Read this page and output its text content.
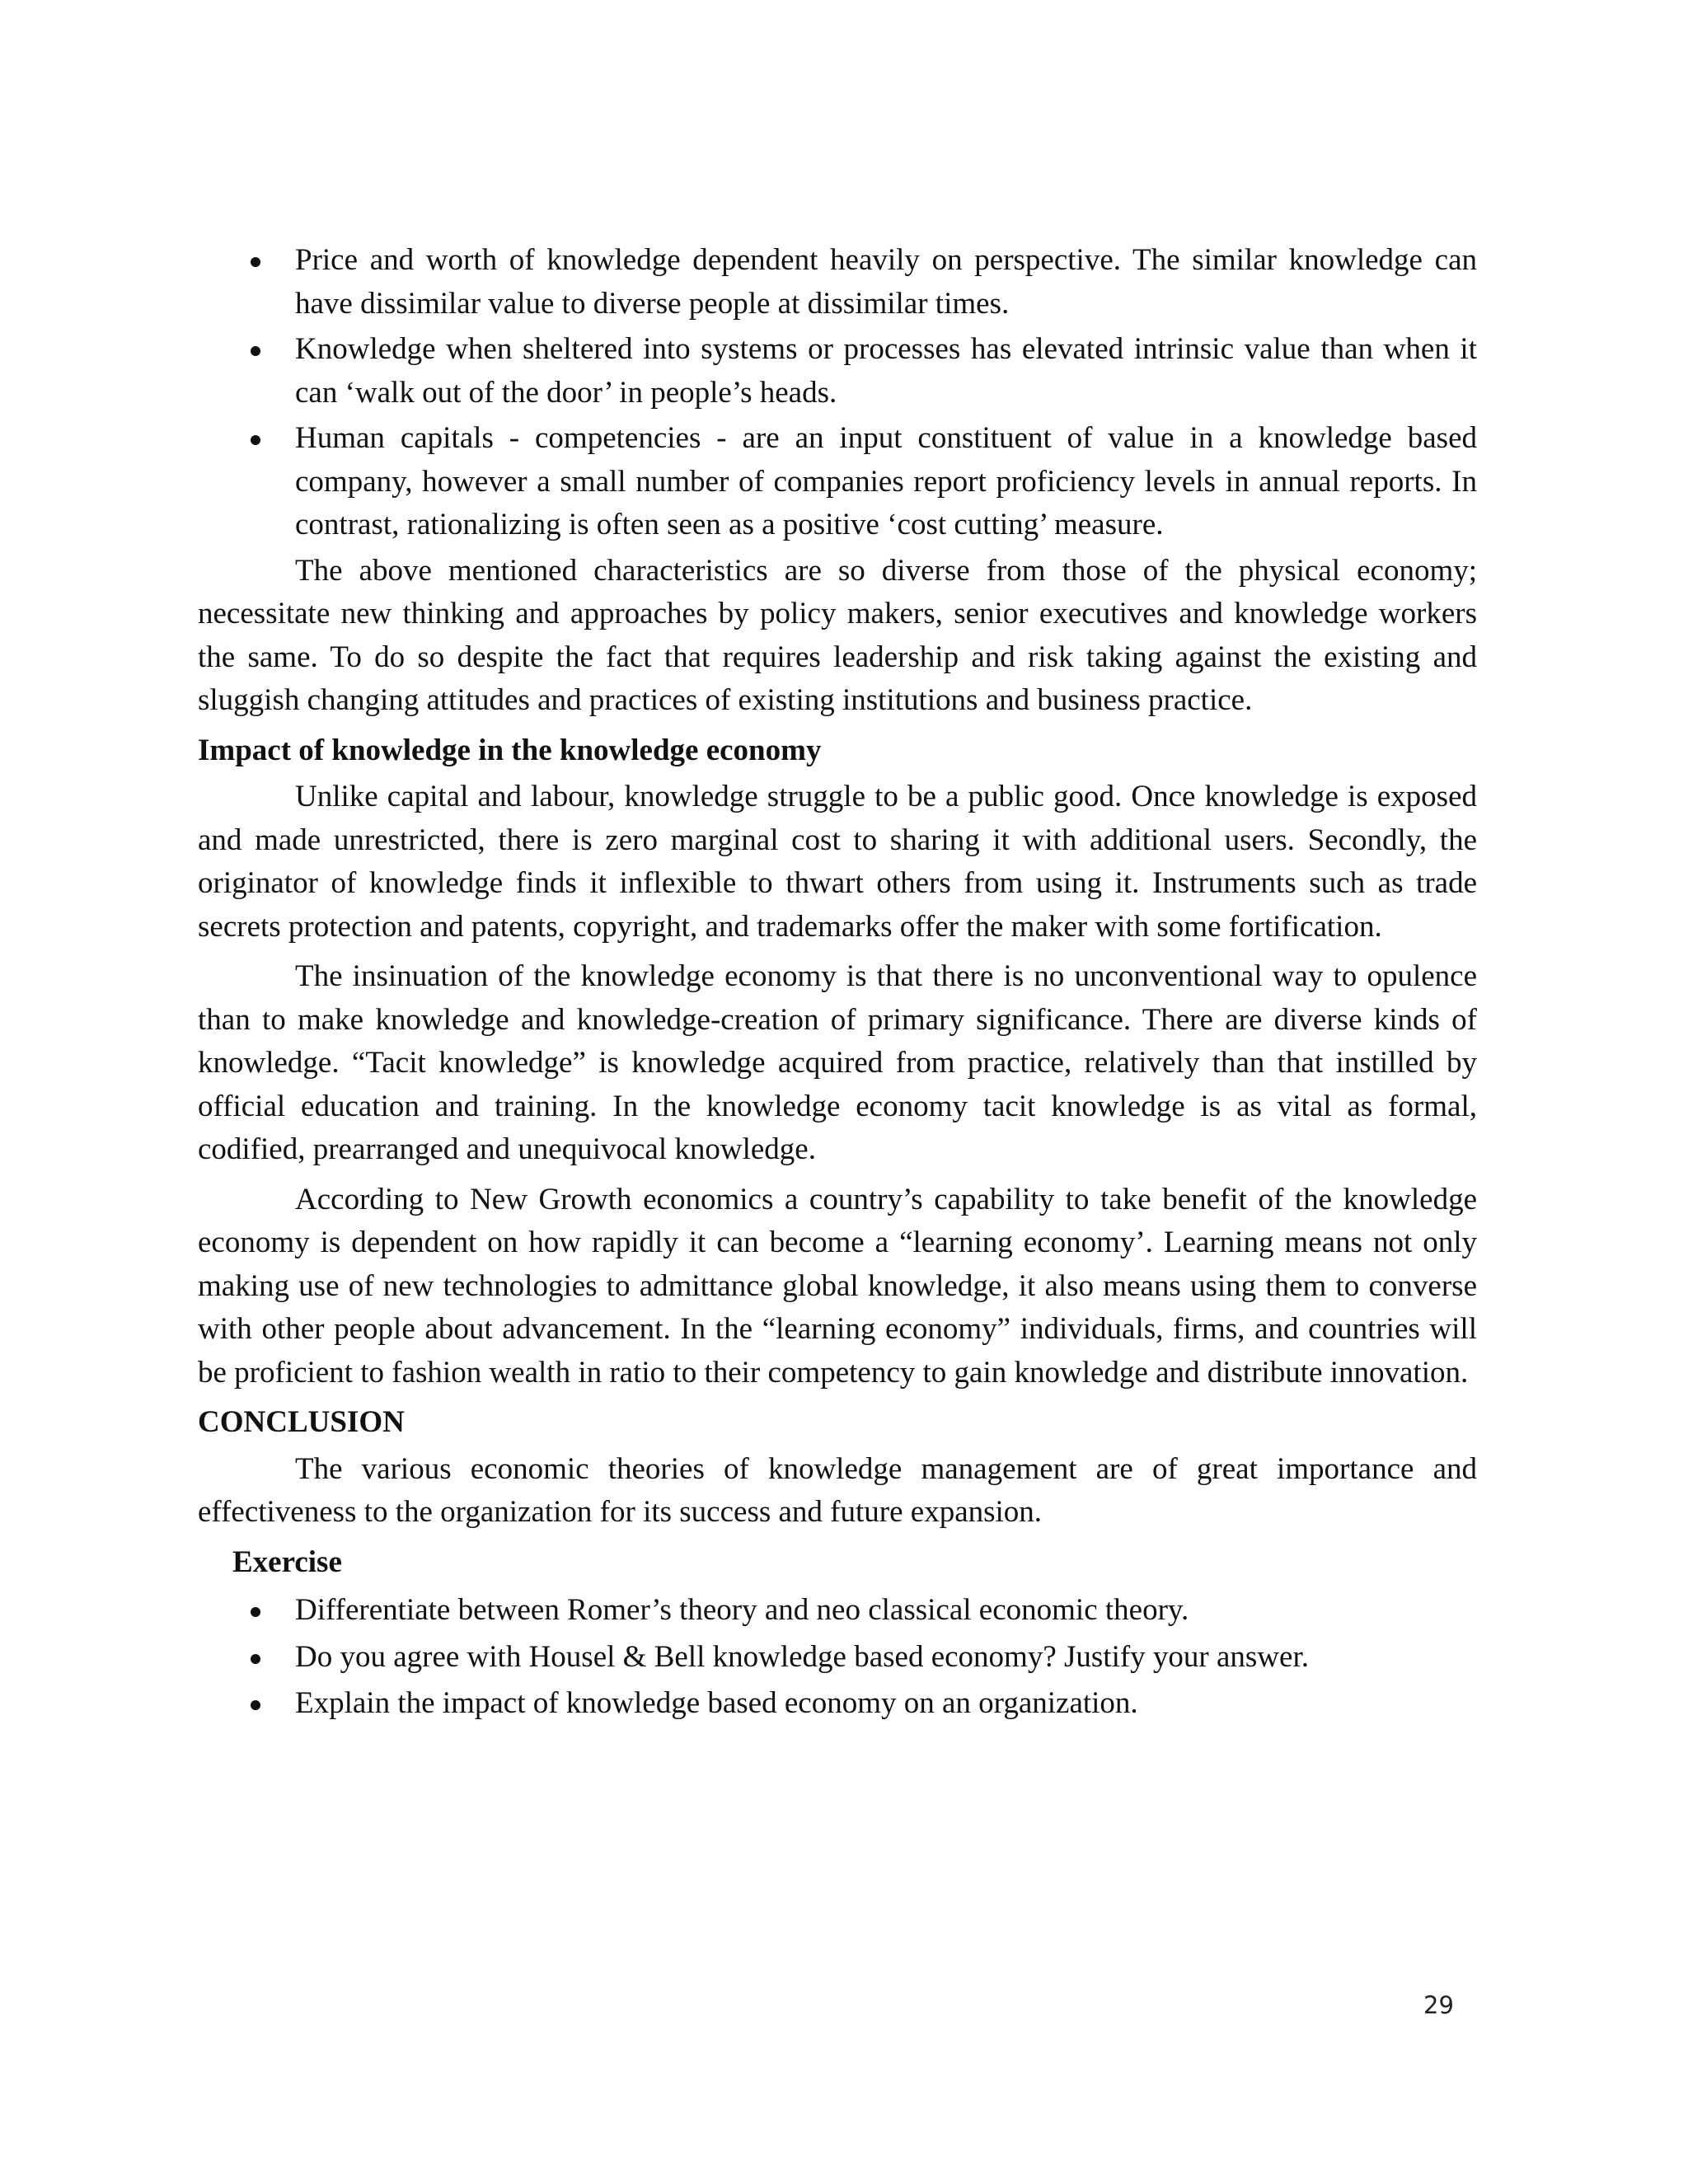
Price and worth of knowledge dependent heavily on perspective. The similar knowledge can have dissimilar value to diverse people at dissimilar times.
Knowledge when sheltered into systems or processes has elevated intrinsic value than when it can ‘walk out of the door’ in people’s heads.
Human capitals - competencies - are an input constituent of value in a knowledge based company, however a small number of companies report proficiency levels in annual reports. In contrast, rationalizing is often seen as a positive ‘cost cutting’ measure.

The above mentioned characteristics are so diverse from those of the physical economy; necessitate new thinking and approaches by policy makers, senior executives and knowledge workers the same. To do so despite the fact that requires leadership and risk taking against the existing and sluggish changing attitudes and practices of existing institutions and business practice.

Impact of knowledge in the knowledge economy

Unlike capital and labour, knowledge struggle to be a public good. Once knowledge is exposed and made unrestricted, there is zero marginal cost to sharing it with additional users. Secondly, the originator of knowledge finds it inflexible to thwart others from using it. Instruments such as trade secrets protection and patents, copyright, and trademarks offer the maker with some fortification.

The insinuation of the knowledge economy is that there is no unconventional way to opulence than to make knowledge and knowledge-creation of primary significance. There are diverse kinds of knowledge. “Tacit knowledge” is knowledge acquired from practice, relatively than that instilled by official education and training. In the knowledge economy tacit knowledge is as vital as formal, codified, prearranged and unequivocal knowledge.

According to New Growth economics a country’s capability to take benefit of the knowledge economy is dependent on how rapidly it can become a “learning economy’. Learning means not only making use of new technologies to admittance global knowledge, it also means using them to converse with other people about advancement. In the “learning economy” individuals, firms, and countries will be proficient to fashion wealth in ratio to their competency to gain knowledge and distribute innovation.

CONCLUSION

The various economic theories of knowledge management are of great importance and effectiveness to the organization for its success and future expansion.

Exercise
Differentiate between Romer’s theory and neo classical economic theory.
Do you agree with Housel & Bell knowledge based economy? Justify your answer.
Explain the impact of knowledge based economy on an organization.
29
